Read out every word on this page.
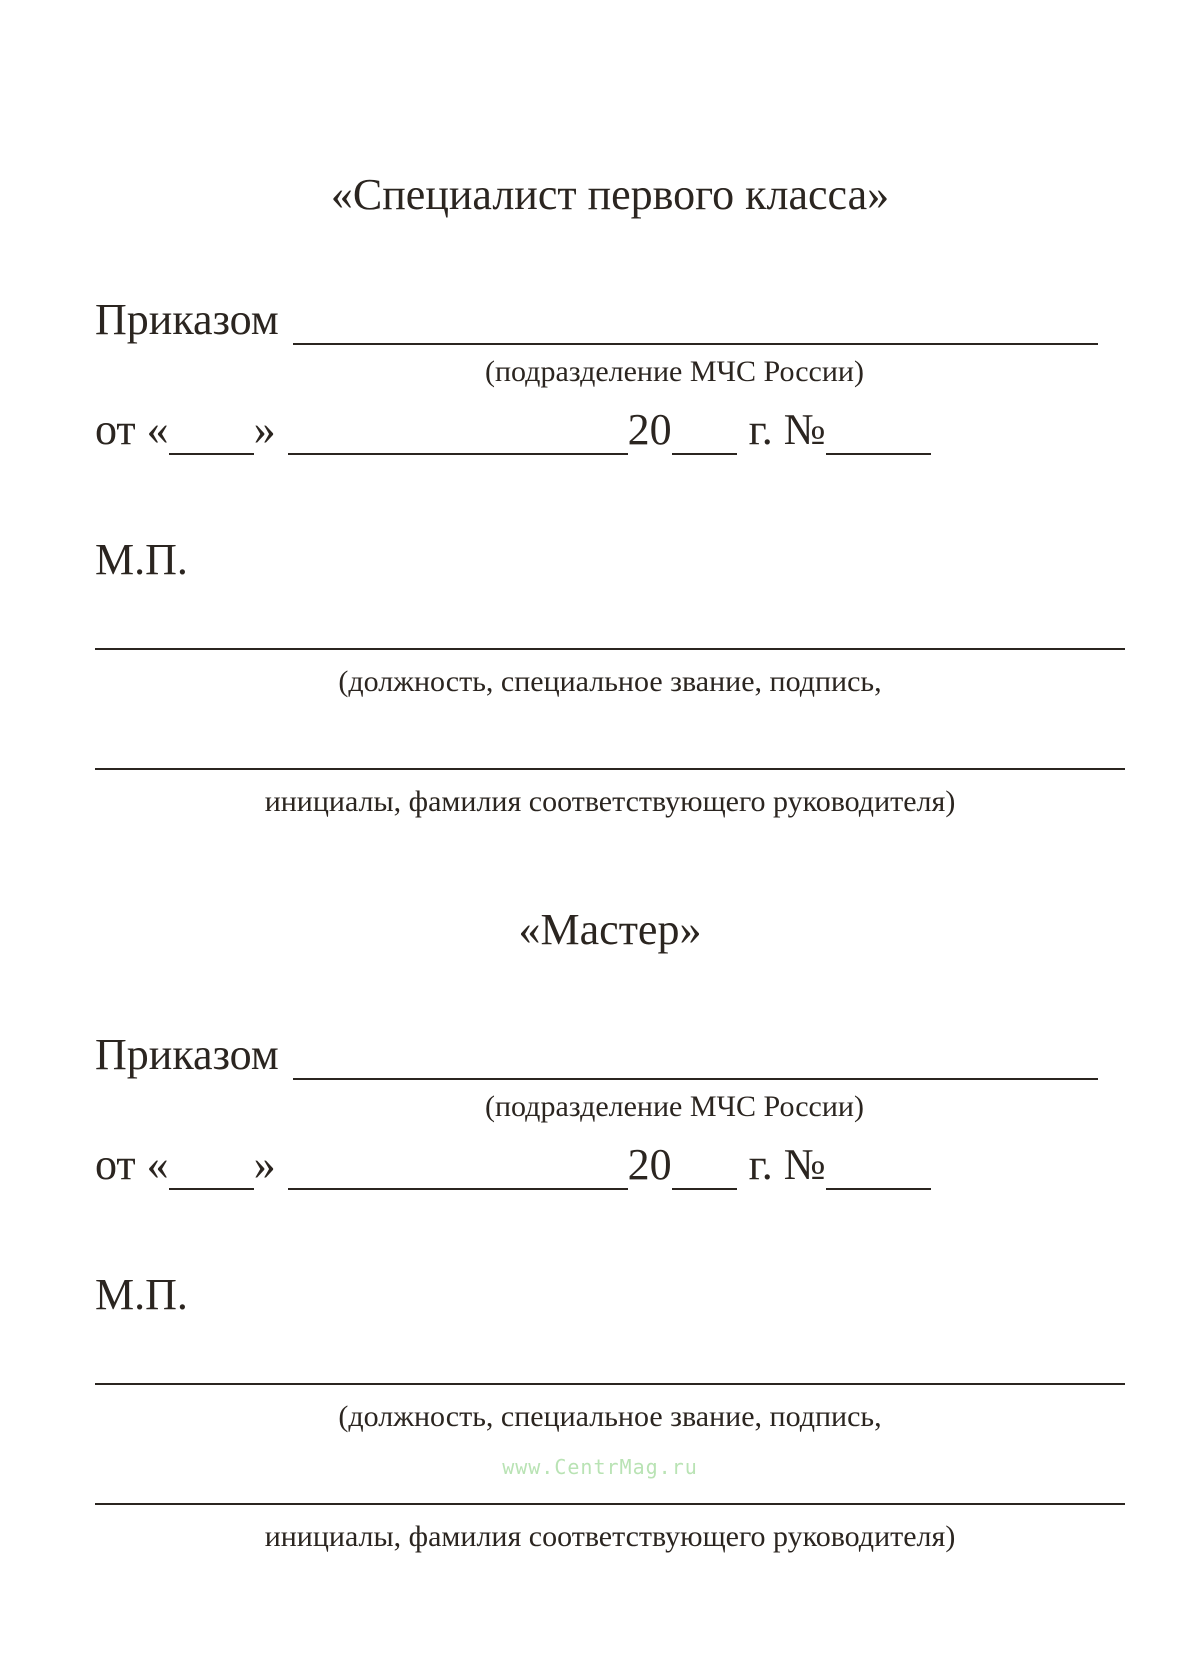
«Специалист первого класса»
Приказом
(подразделение МЧС России)
от « »	20 г. №
М.П.
(должность, специальное звание, подпись,
инициалы, фамилия соответствующего руководителя)
«Мастер»
Приказом
(подразделение МЧС России)
от « »	20 г. №
М.П.
(должность, специальное звание, подпись,
инициалы, фамилия соответствующего руководителя)
www.CentrMag.ru
